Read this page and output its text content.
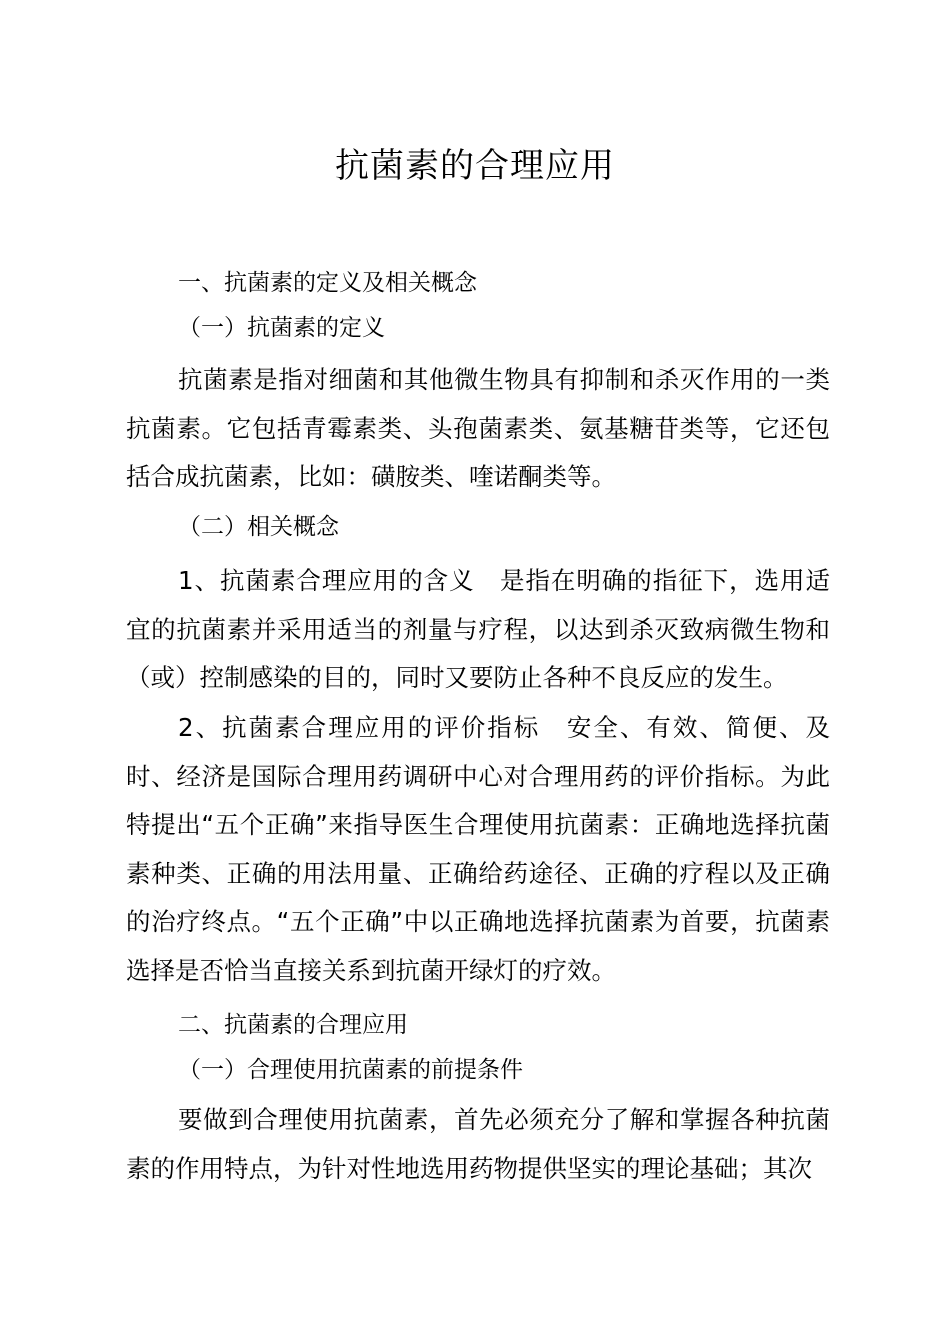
抗菌素的合理应用
一、抗菌素的定义及相关概念
（一）抗菌素的定义

抗菌素是指对细菌和其他微生物具有抑制和杀灭作用的一类抗菌素。它包括青霉素类、头孢菌素类、氨基糖苷类等，它还包括合成抗菌素，比如：磺胺类、喹诺酮类等。

（二）相关概念

1、抗菌素合理应用的含义　是指在明确的指征下，选用适宜的抗菌素并采用适当的剂量与疗程，以达到杀灭致病微生物和（或）控制感染的目的，同时又要防止各种不良反应的发生。

2、抗菌素合理应用的评价指标　安全、有效、简便、及时、经济是国际合理用药调研中心对合理用药的评价指标。为此特提出“五个正确”来指导医生合理使用抗菌素：正确地选择抗菌素种类、正确的用法用量、正确给药途径、正确的疗程以及正确的治疗终点。“五个正确”中以正确地选择抗菌素为首要，抗菌素选择是否恰当直接关系到抗菌开绿灯的疗效。

二、抗菌素的合理应用
（一）合理使用抗菌素的前提条件

要做到合理使用抗菌素，首先必须充分了解和掌握各种抗菌素的作用特点，为针对性地选用药物提供坚实的理论基础；其次
